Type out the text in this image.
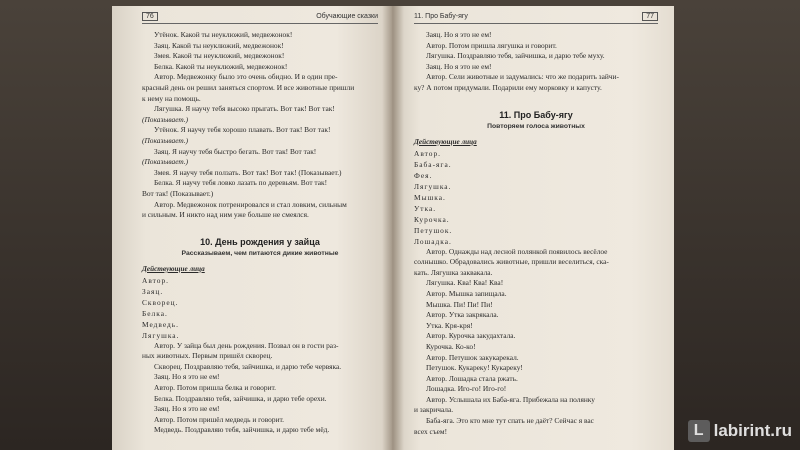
76	Обучающие сказки
Утёнок. Какой ты неуклюжий, медвежонок!
Заяц. Какой ты неуклюжий, медвежонок!
Змея. Какой ты неуклюжий, медвежонок!
Белка. Какой ты неуклюжий, медвежонок!
Автор. Медвежонку было это очень обидно. И в один пре-
красный день он решил заняться спортом. И все животные пришли
к нему на помощь.
Лягушка. Я научу тебя высоко прыгать. Вот так! Вот так!
(Показывает.)
Утёнок. Я научу тебя хорошо плавать. Вот так! Вот так!
(Показывает.)
Заяц. Я научу тебя быстро бегать. Вот так! Вот так!
(Показывает.)
Змея. Я научу тебя ползать. Вот так! Вот так! (Показывает.)
Белка. Я научу тебя ловко лазать по деревьям. Вот так!
Вот так! (Показывает.)
Автор. Медвежонок потренировался и стал ловким, сильным
и сильным. И никто над ним уже больше не смеялся.
10. День рождения у зайца
Рассказываем, чем питаются дикие животные
Действующие лица
Автор.
Заяц.
Скворец.
Белка.
Медведь.
Лягушка.
Автор. У зайца был день рождения. Позвал он в гости раз-
ных животных. Первым пришёл скворец.
Скворец. Поздравляю тебя, зайчишка, и дарю тебе червяка.
Заяц. Но я это не ем!
Автор. Потом пришла белка и говорит.
Белка. Поздравляю тебя, зайчишка, и дарю тебе орехи.
Заяц. Но я это не ем!
Автор. Потом пришёл медведь и говорит.
Медведь. Поздравляю тебя, зайчишка, и дарю тебе мёд.
11. Про Бабу-ягу	77
Заяц. Но я это не ем!
Автор. Потом пришла лягушка и говорит.
Лягушка. Поздравляю тебя, зайчишка, и дарю тебе муху.
Заяц. Но я это не ем!
Автор. Сели животные и задумались: что же подарить зайчи-
ку? А потом придумали. Подарили ему морковку и капусту.
11. Про Бабу-ягу
Повторяем голоса животных
Действующие лица
Автор.
Баба-яга.
Фея.
Лягушка.
Мышка.
Утка.
Курочка.
Петушок.
Лошадка.
Автор. Однажды над лесной полянкой появилось весёлое
солнышко. Обрадовались животные, пришли веселиться, ска-
кать. Лягушка заквакала.
Лягушка. Ква! Ква! Ква!
Автор. Мышка запищала.
Мышка. Пи! Пи! Пи!
Автор. Утка закрякала.
Утка. Кря-кря!
Автор. Курочка закудахтала.
Курочка. Ко-ко!
Автор. Петушок закукарекал.
Петушок. Кукареку! Кукареку!
Автор. Лошадка стала ржать.
Лошадка. Иго-го! Иго-го!
Автор. Услышала их Баба-яга. Прибежала на полянку
и закричала.
Баба-яга. Это кто мне тут спать не даёт? Сейчас я вас
всех съем!	L labirint.ru
